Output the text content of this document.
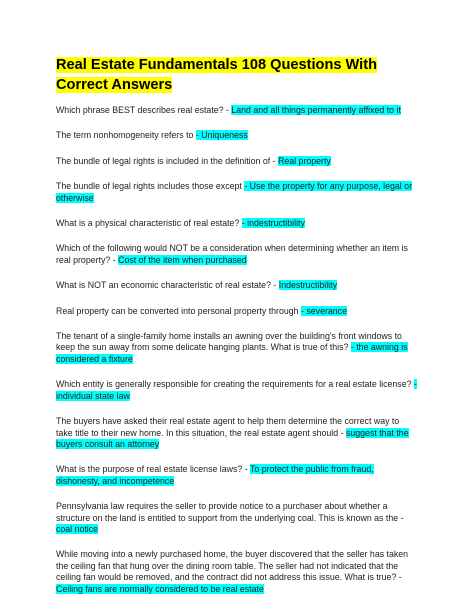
Real Estate Fundamentals 108 Questions With Correct Answers

Which phrase BEST describes real estate? - Land and all things permanently affixed to it

The term nonhomogeneity refers to - Uniqueness

The bundle of legal rights is included in the definition of - Real property

The bundle of legal rights includes those except - Use the property for any purpose, legal or otherwise

What is a physical characteristic of real estate? - indestructibility

Which of the following would NOT be a consideration when determining whether an item is real property? - Cost of the item when purchased

What is NOT an economic characteristic of real estate? - Indestructibility

Real property can be converted into personal property through - severance

The tenant of a single-family home installs an awning over the building's front windows to keep the sun away from some delicate hanging plants. What is true of this? - the awning is considered a fixture

Which entity is generally responsible for creating the requirements for a real estate license? - individual state law

The buyers have asked their real estate agent to help them determine the correct way to take title to their new home. In this situation, the real estate agent should - suggest that the buyers consult an attorney

What is the purpose of real estate license laws? - To protect the public from fraud, dishonesty, and incompetence

Pennsylvania law requires the seller to provide notice to a purchaser about whether a structure on the land is entitled to support from the underlying coal. This is known as the - coal notice

While moving into a newly purchased home, the buyer discovered that the seller has taken the ceiling fan that hung over the dining room table. The seller had not indicated that the ceiling fan would be removed, and the contract did not address this issue. What is true? - Ceiling fans are normally considered to be real estate
